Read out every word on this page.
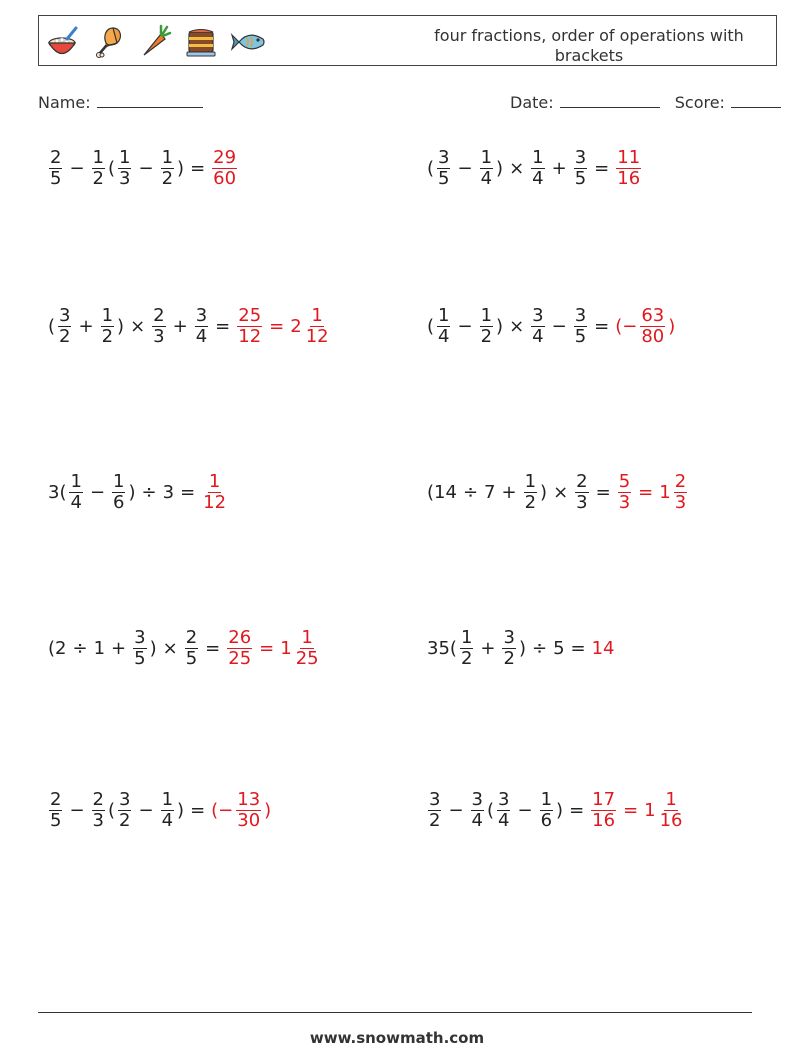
four fractions, order of operations with brackets
Name:	Date:	Score:
$\frac{2}{5} - \frac{1}{2}$ ( $\frac{1}{3} - \frac{1}{2}$ ) = $\frac{29}{60}$	( $\frac{3}{5} - \frac{1}{4}$ ) × $\frac{1}{4} + \frac{3}{5} = \frac{11}{16}$
( $\frac{3}{2} + \frac{1}{2}$ ) × $\frac{2}{3} + \frac{3}{4} = \frac{25}{12} = 2 \frac{1}{12}$	( $\frac{1}{4} - \frac{1}{2}$ ) × $\frac{3}{4} - \frac{3}{5}$ = (− $\frac{63}{80}$ )
$3( \frac{1}{4} - \frac{1}{6}$ ) ÷ $3 = \frac{1}{12}$	($14 \div 7 + \frac{1}{2}$ ) × $\frac{2}{3} = \frac{5}{3} = 1 \frac{2}{3}$
($2 \div 1 + \frac{3}{5}$ ) × $\frac{2}{5} = \frac{26}{25} = 1 \frac{1}{25}$	$35( \frac{1}{2} + \frac{3}{2}$ ) ÷ 5 = 14
$\frac{2}{5} - \frac{2}{3}$ ( $\frac{3}{2} - \frac{1}{4}$ ) = (− $\frac{13}{30}$ )	$\frac{3}{2} - \frac{3}{4}$ ( $\frac{3}{4} - \frac{1}{6}$ ) = $\frac{17}{16} = 1 \frac{1}{16}$
www.snowmath.com
